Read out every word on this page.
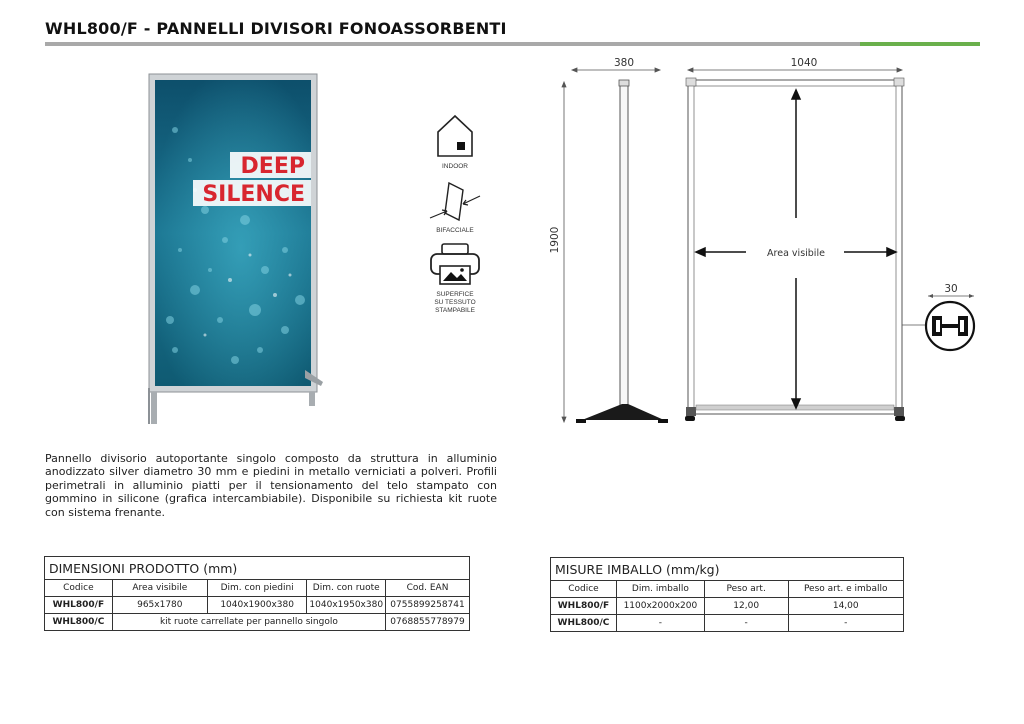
WHL800/F - PANNELLI DIVISORI FONOASSORBENTI
DEEP
SILENCE
INDOOR
BIFACCIALE
SUPERFICE
SU TESSUTO
STAMPABILE
380	1040
1900
Area visibile
30

Pannello divisorio autoportante singolo composto da struttura in alluminio anodizzato silver diametro 30 mm e piedini in metallo verniciati a polveri. Profili perimetrali in alluminio piatti per il tensionamento del telo stampato con gommino in silicone (grafica intercambiabile). Disponibile su richiesta kit ruote con sistema frenante.

DIMENSIONI PRODOTTO (mm)				
Codice	Area visibile	Dim. con piedini	Dim. con ruote	Cod. EAN
WHL800/F	965x1780	1040x1900x380	1040x1950x380	0755899258741
WHL800/C	kit ruote carrellate per pannello singolo			0768855778979
MISURE IMBALLO (mm/kg)			
Codice	Dim. imballo	Peso art.	Peso art. e imballo
WHL800/F	1100x2000x200	12,00	14,00
WHL800/C	-	-	-
